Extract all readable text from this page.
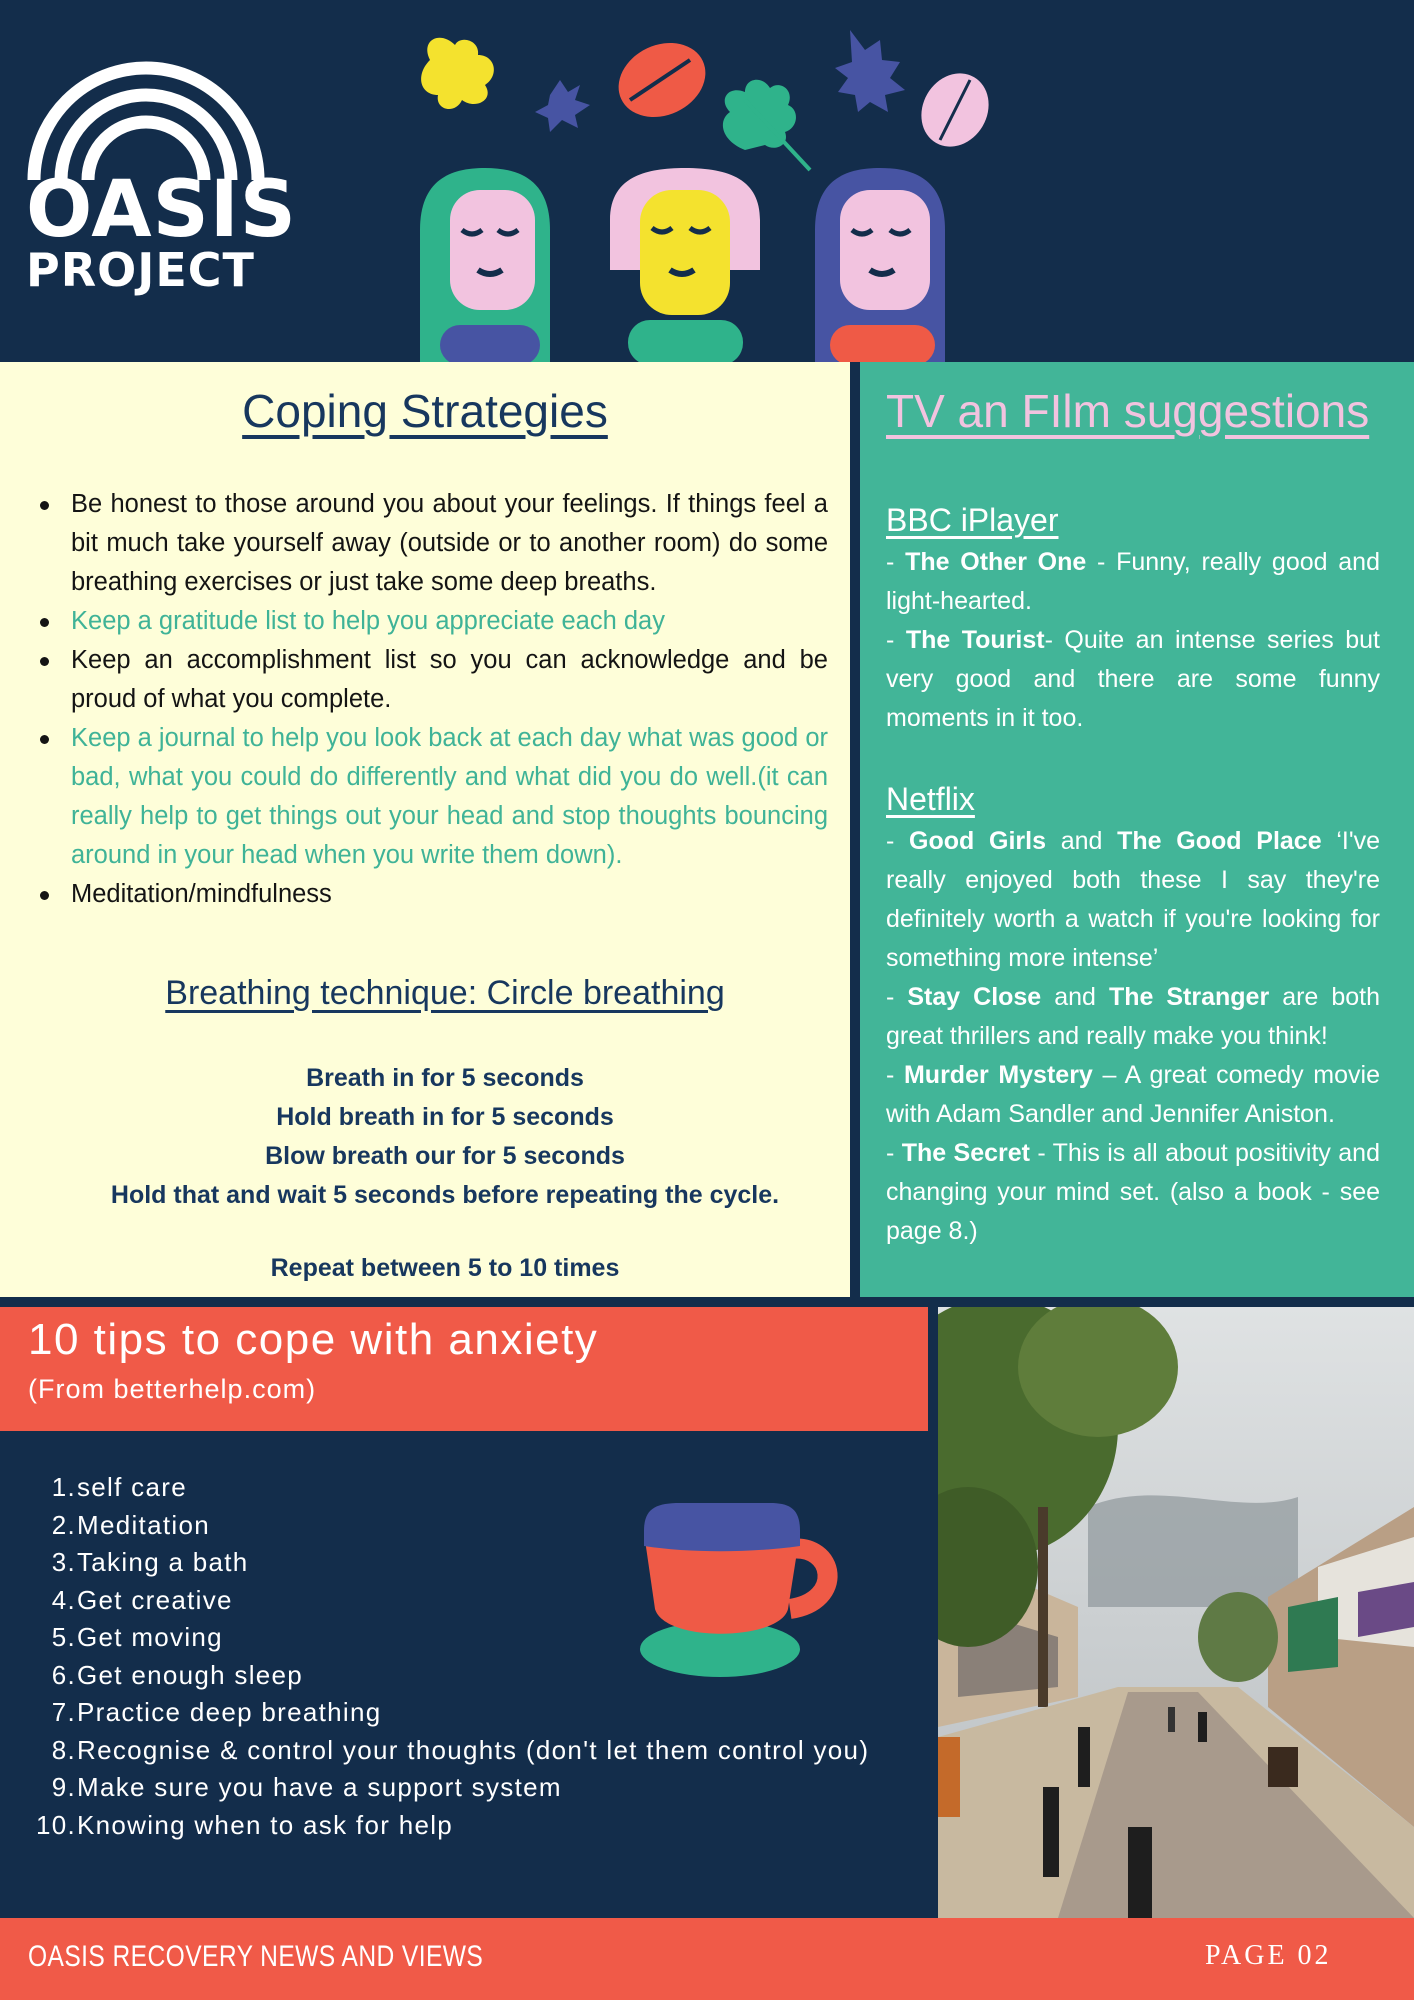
OASIS
PROJECT
Coping Strategies
Be honest to those around you about your feelings. If things feel a bit much take yourself away (outside or to another room) do some breathing exercises or just take some deep breaths.
Keep a gratitude list to help you appreciate each day
Keep an accomplishment list so you can acknowledge and be proud of what you complete.
Keep a journal to help you look back at each day what was good or bad, what you could do differently and what did you do well.(it can really help to get things out your head and stop thoughts bouncing around in your head when you write them down).
Meditation/mindfulness
Breathing technique: Circle breathing
Breath in for 5 seconds
Hold breath in for 5 seconds
Blow breath our for 5 seconds
Hold that and wait 5 seconds before repeating the cycle.
Repeat between 5 to 10 times
TV an FIlm suggestions
BBC iPlayer

- The Other One - Funny, really good and light-hearted.

- The Tourist- Quite an intense series but very good and there are some funny moments in it too.

Netflix

- Good Girls and The Good Place ‘I've really enjoyed both these I say they're definitely worth a watch if you're looking for something more intense’

- Stay Close and The Stranger are both great thrillers and really make you think!

- Murder Mystery – A great comedy movie with Adam Sandler and Jennifer Aniston.

- The Secret - This is all about positivity and changing your mind set. (also a book - see page 8.)

10 tips to cope with anxiety
(From betterhelp.com)
1.self care
2.Meditation
3.Taking a bath
4.Get creative
5.Get moving
6.Get enough sleep
7.Practice deep breathing
8.Recognise & control your thoughts (don't let them control you)
9.Make sure you have a support system
10.Knowing when to ask for help
OASIS RECOVERY NEWS AND VIEWS	PAGE 02
